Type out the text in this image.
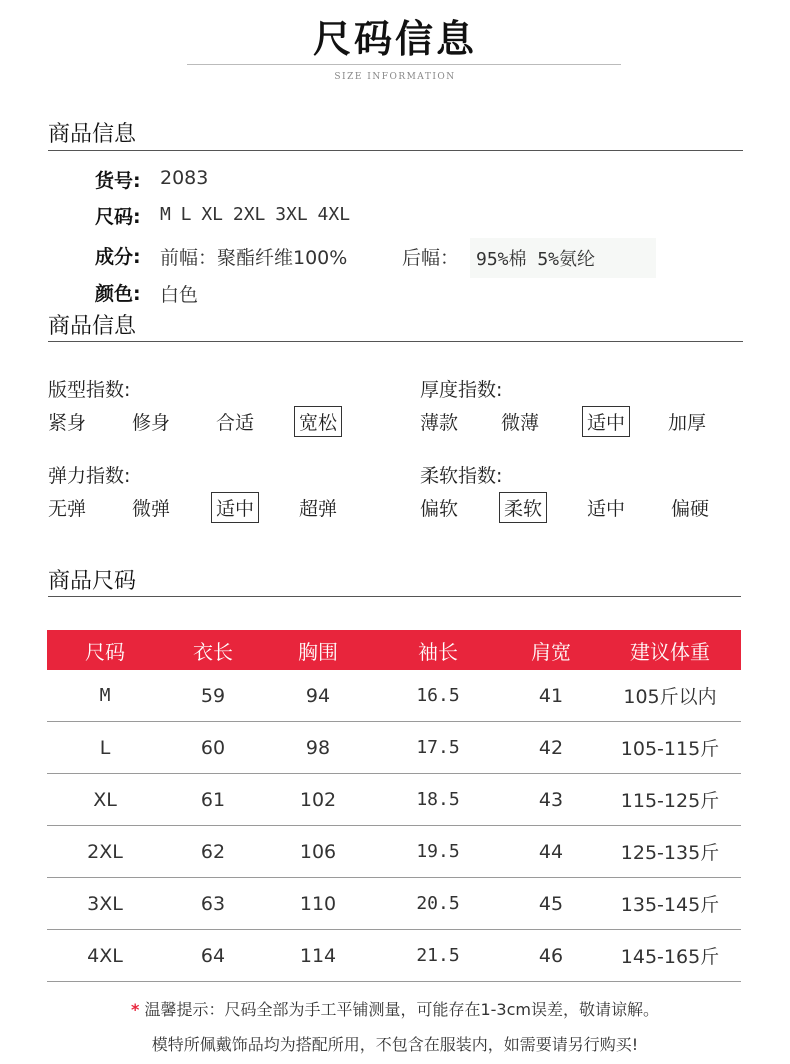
尺码信息
SIZE INFORMATION
商品信息
货号: 2083
尺码: M L XL 2XL 3XL 4XL
成分: 前幅：聚酯纤维100%	后幅： 95%棉 5%氨纶
颜色: 白色
商品信息
版型指数:
紧身 修身 合适 宽松
厚度指数:
薄款 微薄	适中 加厚
弹力指数:
无弹 微弹 适中 超弹
柔软指数:
偏软 柔软 适中 偏硬
商品尺码
尺码	衣长	胸围	袖长	肩宽	建议体重
M	59	94	16.5	41	105斤以内
L	60	98	17.5	42	105-115斤
XL	61	102	18.5	43	115-125斤
2XL	62	106	19.5	44	125-135斤
3XL	63	110	20.5	45	135-145斤
4XL	64	114	21.5	46	145-165斤
* 温馨提示：尺码全部为手工平铺测量，可能存在1-3cm误差，敬请谅解。
模特所佩戴饰品均为搭配所用，不包含在服装内，如需要请另行购买!
